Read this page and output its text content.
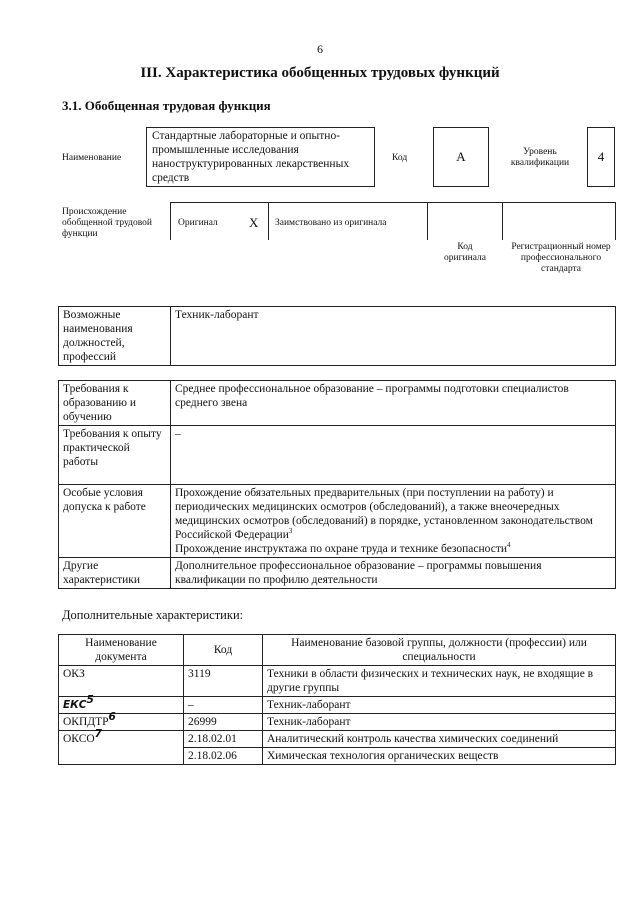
6
III. Характеристика обобщенных трудовых функций
3.1. Обобщенная трудовая функция
Наименование
Стандартные лабораторные и опытно-промышленные исследования наноструктурированных лекарственных средств
Код	A	Уровень квалификации	4
Происхождение обобщенной трудовой функции
Оригинал X Заимствовано из оригинала
Код оригинала
Регистрационный номер профессионального стандарта
Возможные наименования должностей, профессий	Техник-лаборант
Требования к образованию и обучению	Среднее профессиональное образование – программы подготовки специалистов среднего звена
Требования к опыту практической работы	–
Особые условия допуска к работе	Прохождение обязательных предварительных (при поступлении на работу) и периодических медицинских осмотров (обследований), а также внеочередных медицинских осмотров (обследований) в порядке, установленном законодательством Российской Федерации$^3$
Прохождение инструктажа по охране труда и технике безопасности$^4$
Другие характеристики	Дополнительное профессиональное образование – программы повышения квалификации по профилю деятельности
Дополнительные характеристики:
Наименование документа	Код	Наименование базовой группы, должности (профессии) или специальности
ОКЗ	3119	Техники в области физических и технических наук, не входящие в другие группы
ЕКС$^5$	–	Техник-лаборант
ОКПДТР$^6$	26999	Техник-лаборант
ОКСО$^7$	2.18.02.01	Аналитический контроль качества химических соединений
	2.18.02.06	Химическая технология органических веществ
